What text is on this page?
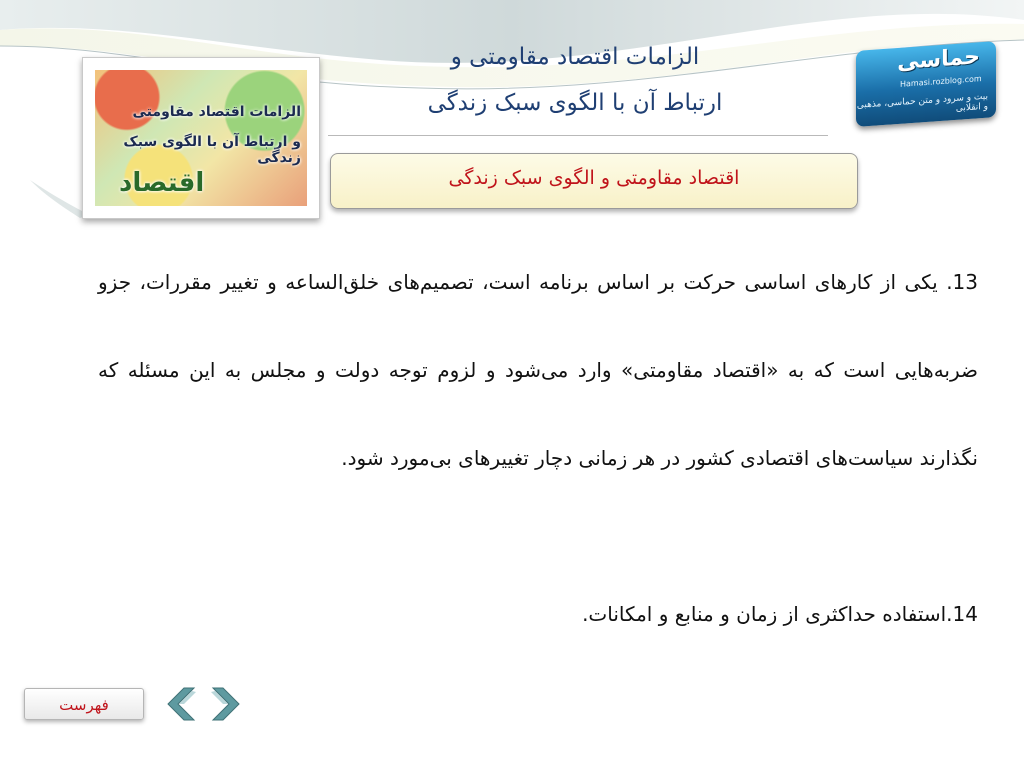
الزامات اقتصاد مقاومتی و
ارتباط آن با الگوی سبک زندگی
الزامات اقتصاد مقاومتی
و ارتباط آن با الگوی سبک زندگی
اقتصاد
حماسی
Hamasi.rozblog.com
بیت و سرود و متن حماسی، مذهبی و انقلابی
اقتصاد مقاومتی و الگوی سبک زندگی

13. یکی از کارهای اساسی حرکت بر اساس برنامه است، تصمیم‌های خلق‌الساعه و تغییر مقررات، جزو ضربه‌هایی است که به «اقتصاد مقاومتی» وارد می‌شود و لزوم توجه دولت و مجلس به این مسئله که نگذارند سیاست‌های اقتصادی کشور در هر زمانی دچار تغییرهای بی‌مورد شود.

14.استفاده حداکثری از زمان و منابع و امکانات.

فهرست
